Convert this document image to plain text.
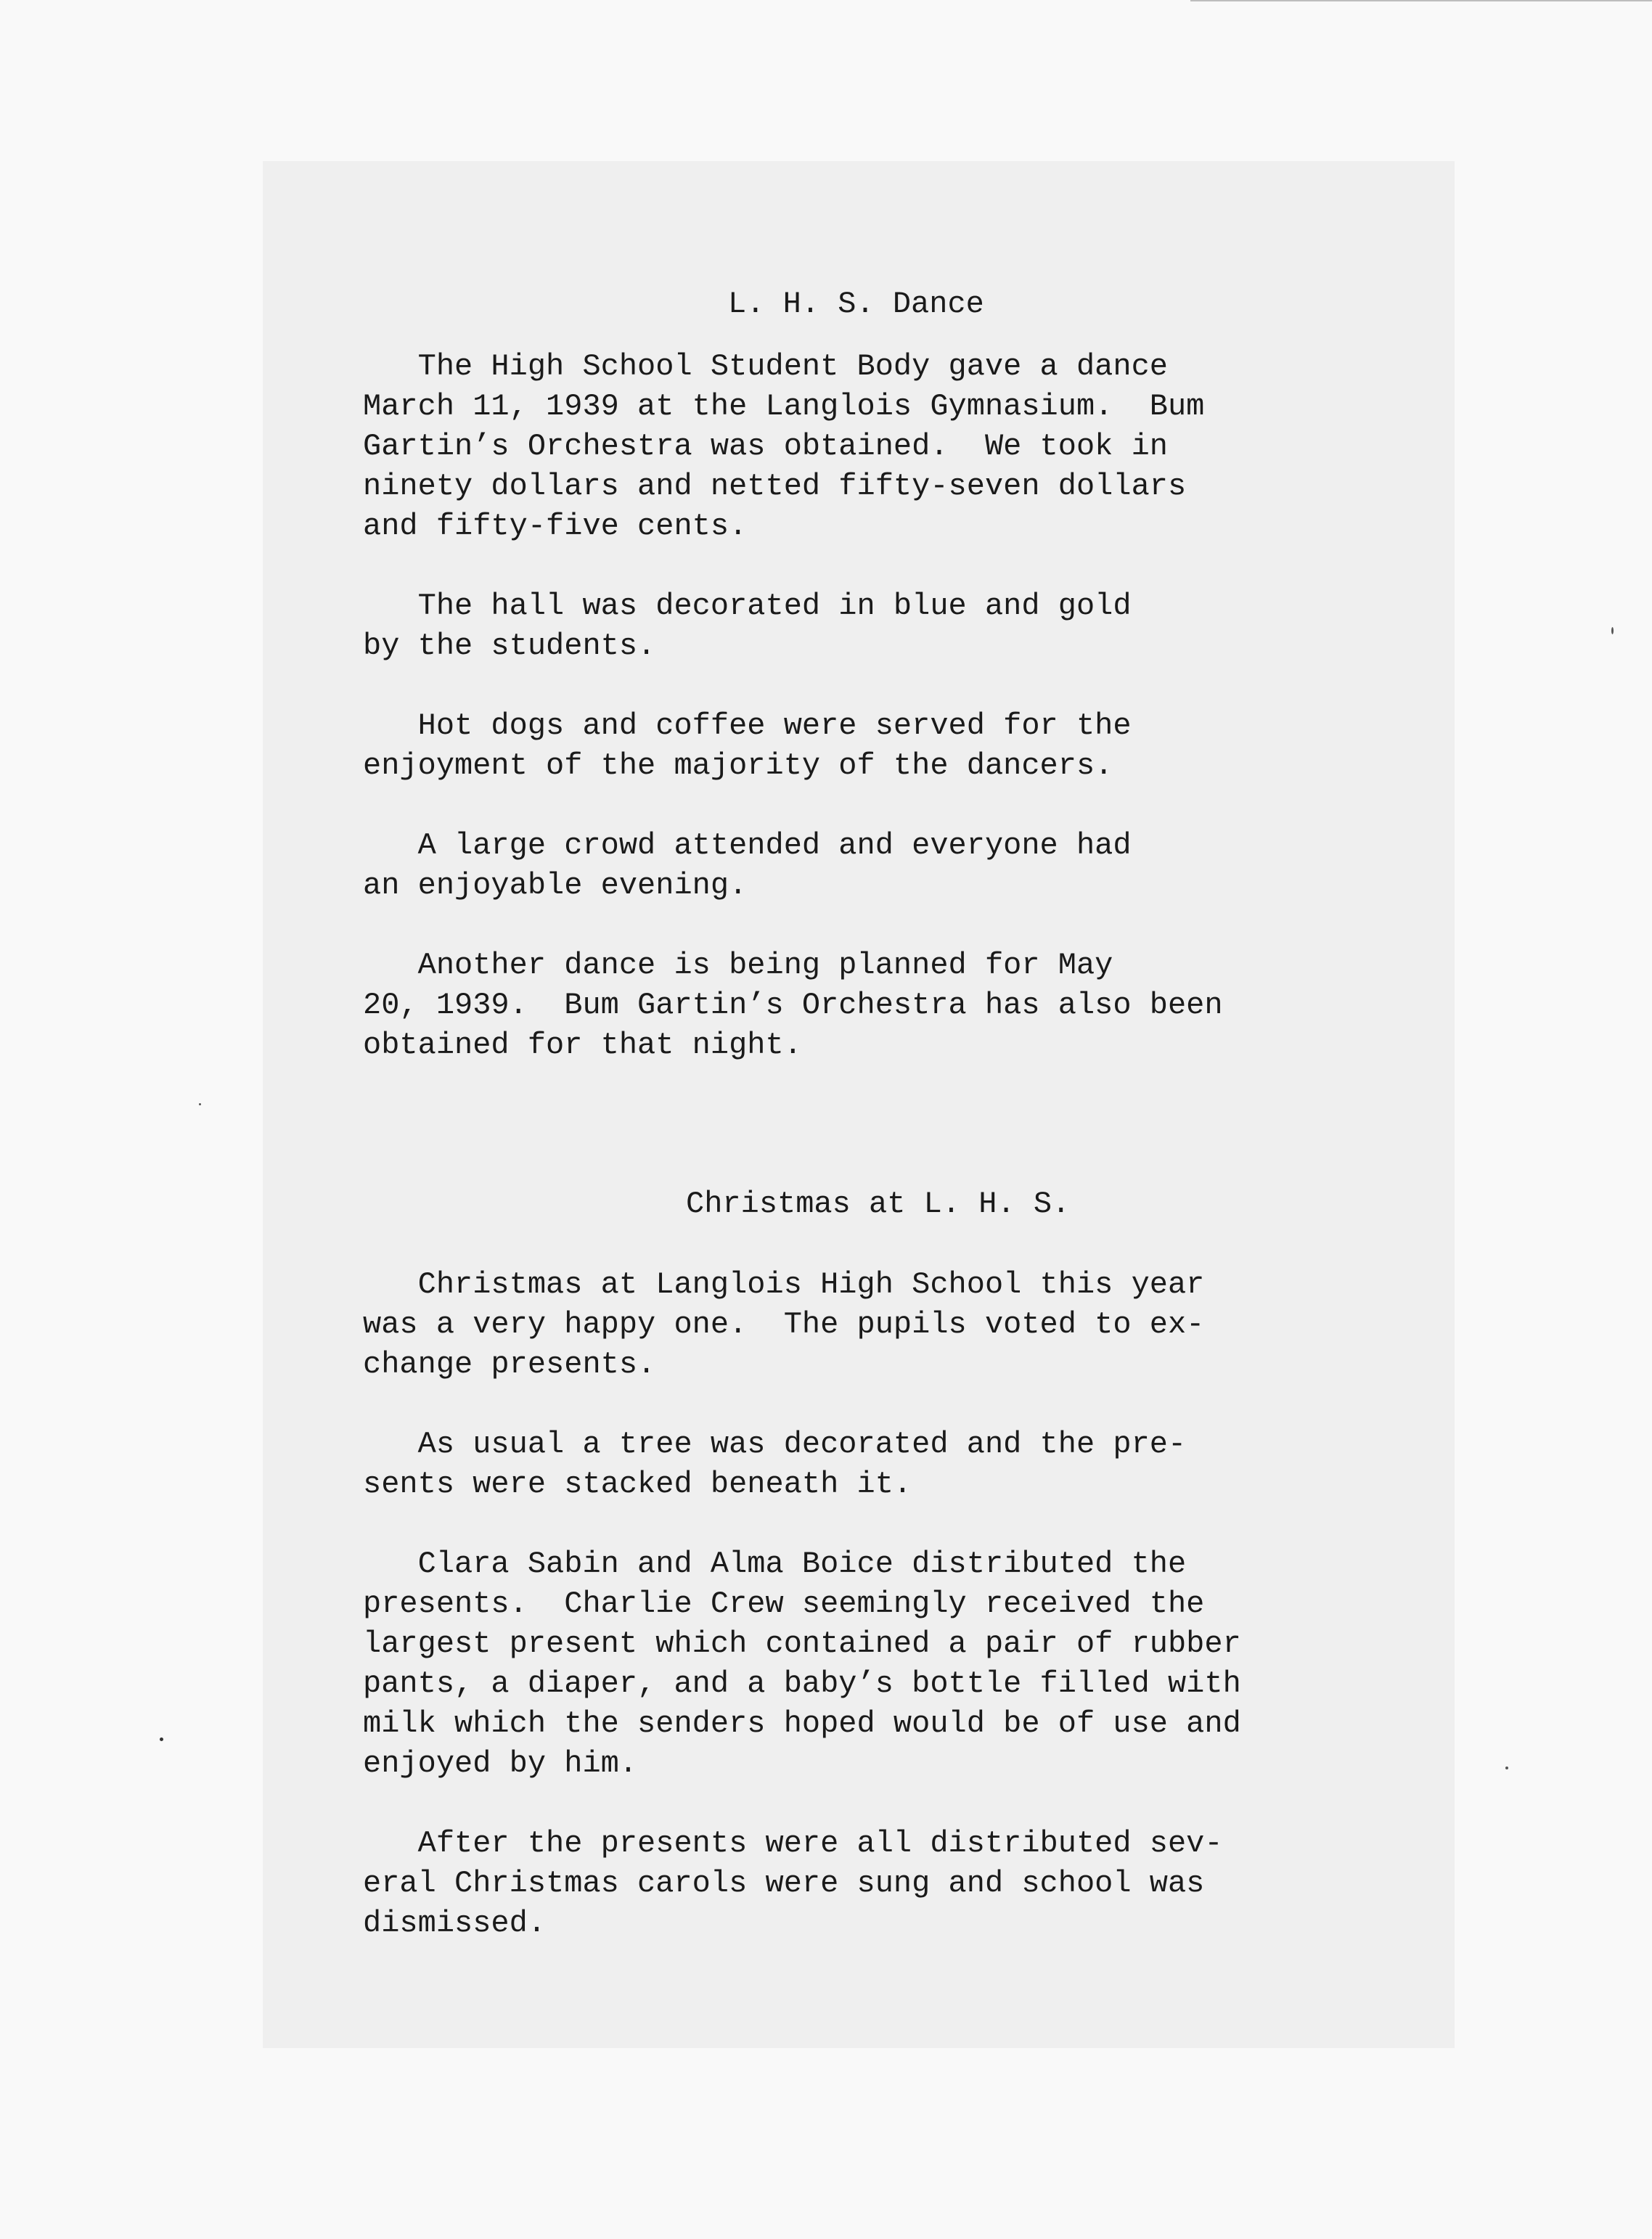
L. H. S. Dance
The High School Student Body gave a dance
March 11, 1939 at the Langlois Gymnasium.  Bum
Gartin’s Orchestra was obtained.  We took in
ninety dollars and netted fifty-seven dollars
and fifty-five cents.
The hall was decorated in blue and gold
by the students.
Hot dogs and coffee were served for the
enjoyment of the majority of the dancers.
A large crowd attended and everyone had
an enjoyable evening.
Another dance is being planned for May
20, 1939.  Bum Gartin’s Orchestra has also been
obtained for that night.
Christmas at L. H. S.
Christmas at Langlois High School this year
was a very happy one.  The pupils voted to ex-
change presents.
As usual a tree was decorated and the pre-
sents were stacked beneath it.
Clara Sabin and Alma Boice distributed the
presents.  Charlie Crew seemingly received the
largest present which contained a pair of rubber
pants, a diaper, and a baby’s bottle filled with
milk which the senders hoped would be of use and
enjoyed by him.
After the presents were all distributed sev-
eral Christmas carols were sung and school was
dismissed.
